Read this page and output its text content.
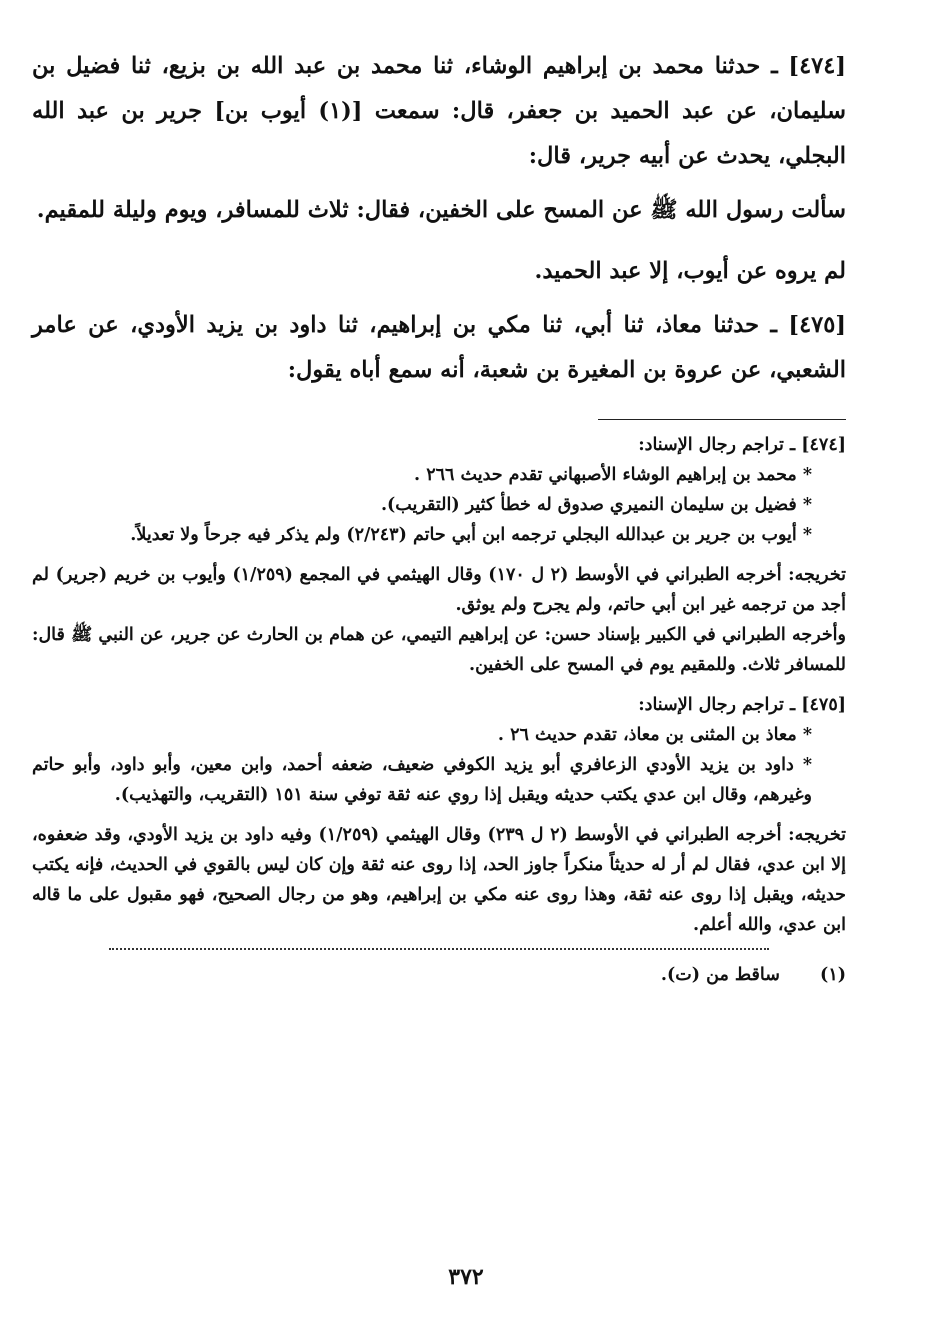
[٤٧٤] ـ حدثنا محمد بن إبراهيم الوشاء، ثنا محمد بن عبد الله بن بزيع، ثنا فضيل بن سليمان، عن عبد الحميد بن جعفر، قال: سمعت [(١) أيوب بن] جرير بن عبد الله البجلي، يحدث عن أبيه جرير، قال:

سألت رسول الله ﷺ عن المسح على الخفين، فقال: ثلاث للمسافر، ويوم وليلة للمقيم.

لم يروه عن أيوب، إلا عبد الحميد.

[٤٧٥] ـ حدثنا معاذ، ثنا أبي، ثنا مكي بن إبراهيم، ثنا داود بن يزيد الأودي، عن عامر الشعبي، عن عروة بن المغيرة بن شعبة، أنه سمع أباه يقول:

[٤٧٤] ـ تراجم رجال الإسناد:

* محمد بن إبراهيم الوشاء الأصبهاني تقدم حديث ٢٦٦ .

* فضيل بن سليمان النميري صدوق له خطأ كثير (التقريب).

* أيوب بن جرير بن عبدالله البجلي ترجمه ابن أبي حاتم (٢/٢٤٣) ولم يذكر فيه جرحاً ولا تعديلاً.

تخريجه: أخرجه الطبراني في الأوسط (٢ ل ١٧٠) وقال الهيثمي في المجمع (١/٢٥٩) وأيوب بن خريم (جرير) لم أجد من ترجمه غير ابن أبي حاتم، ولم يجرح ولم يوثق.

وأخرجه الطبراني في الكبير بإسناد حسن: عن إبراهيم التيمي، عن همام بن الحارث عن جرير، عن النبي ﷺ قال: للمسافر ثلاث. وللمقيم يوم في المسح على الخفين.

[٤٧٥] ـ تراجم رجال الإسناد:

* معاذ بن المثنى بن معاذ، تقدم حديث ٢٦ .

* داود بن يزيد الأودي الزعافري أبو يزيد الكوفي ضعيف، ضعفه أحمد، وابن معين، وأبو داود، وأبو حاتم وغيرهم، وقال ابن عدي يكتب حديثه ويقبل إذا روي عنه ثقة توفي سنة ١٥١ (التقريب، والتهذيب).

تخريجه: أخرجه الطبراني في الأوسط (٢ ل ٢٣٩) وقال الهيثمي (١/٢٥٩) وفيه داود بن يزيد الأودي، وقد ضعفوه، إلا ابن عدي، فقال لم أر له حديثاً منكراً جاوز الحد، إذا روى عنه ثقة وإن كان ليس بالقوي في الحديث، فإنه يكتب حديثه، ويقبل إذا روى عنه ثقة، وهذا روى عنه مكي بن إبراهيم، وهو من رجال الصحيح، فهو مقبول على ما قاله ابن عدي، والله أعلم.

(١) ساقط من (ت).
٣٧٢
